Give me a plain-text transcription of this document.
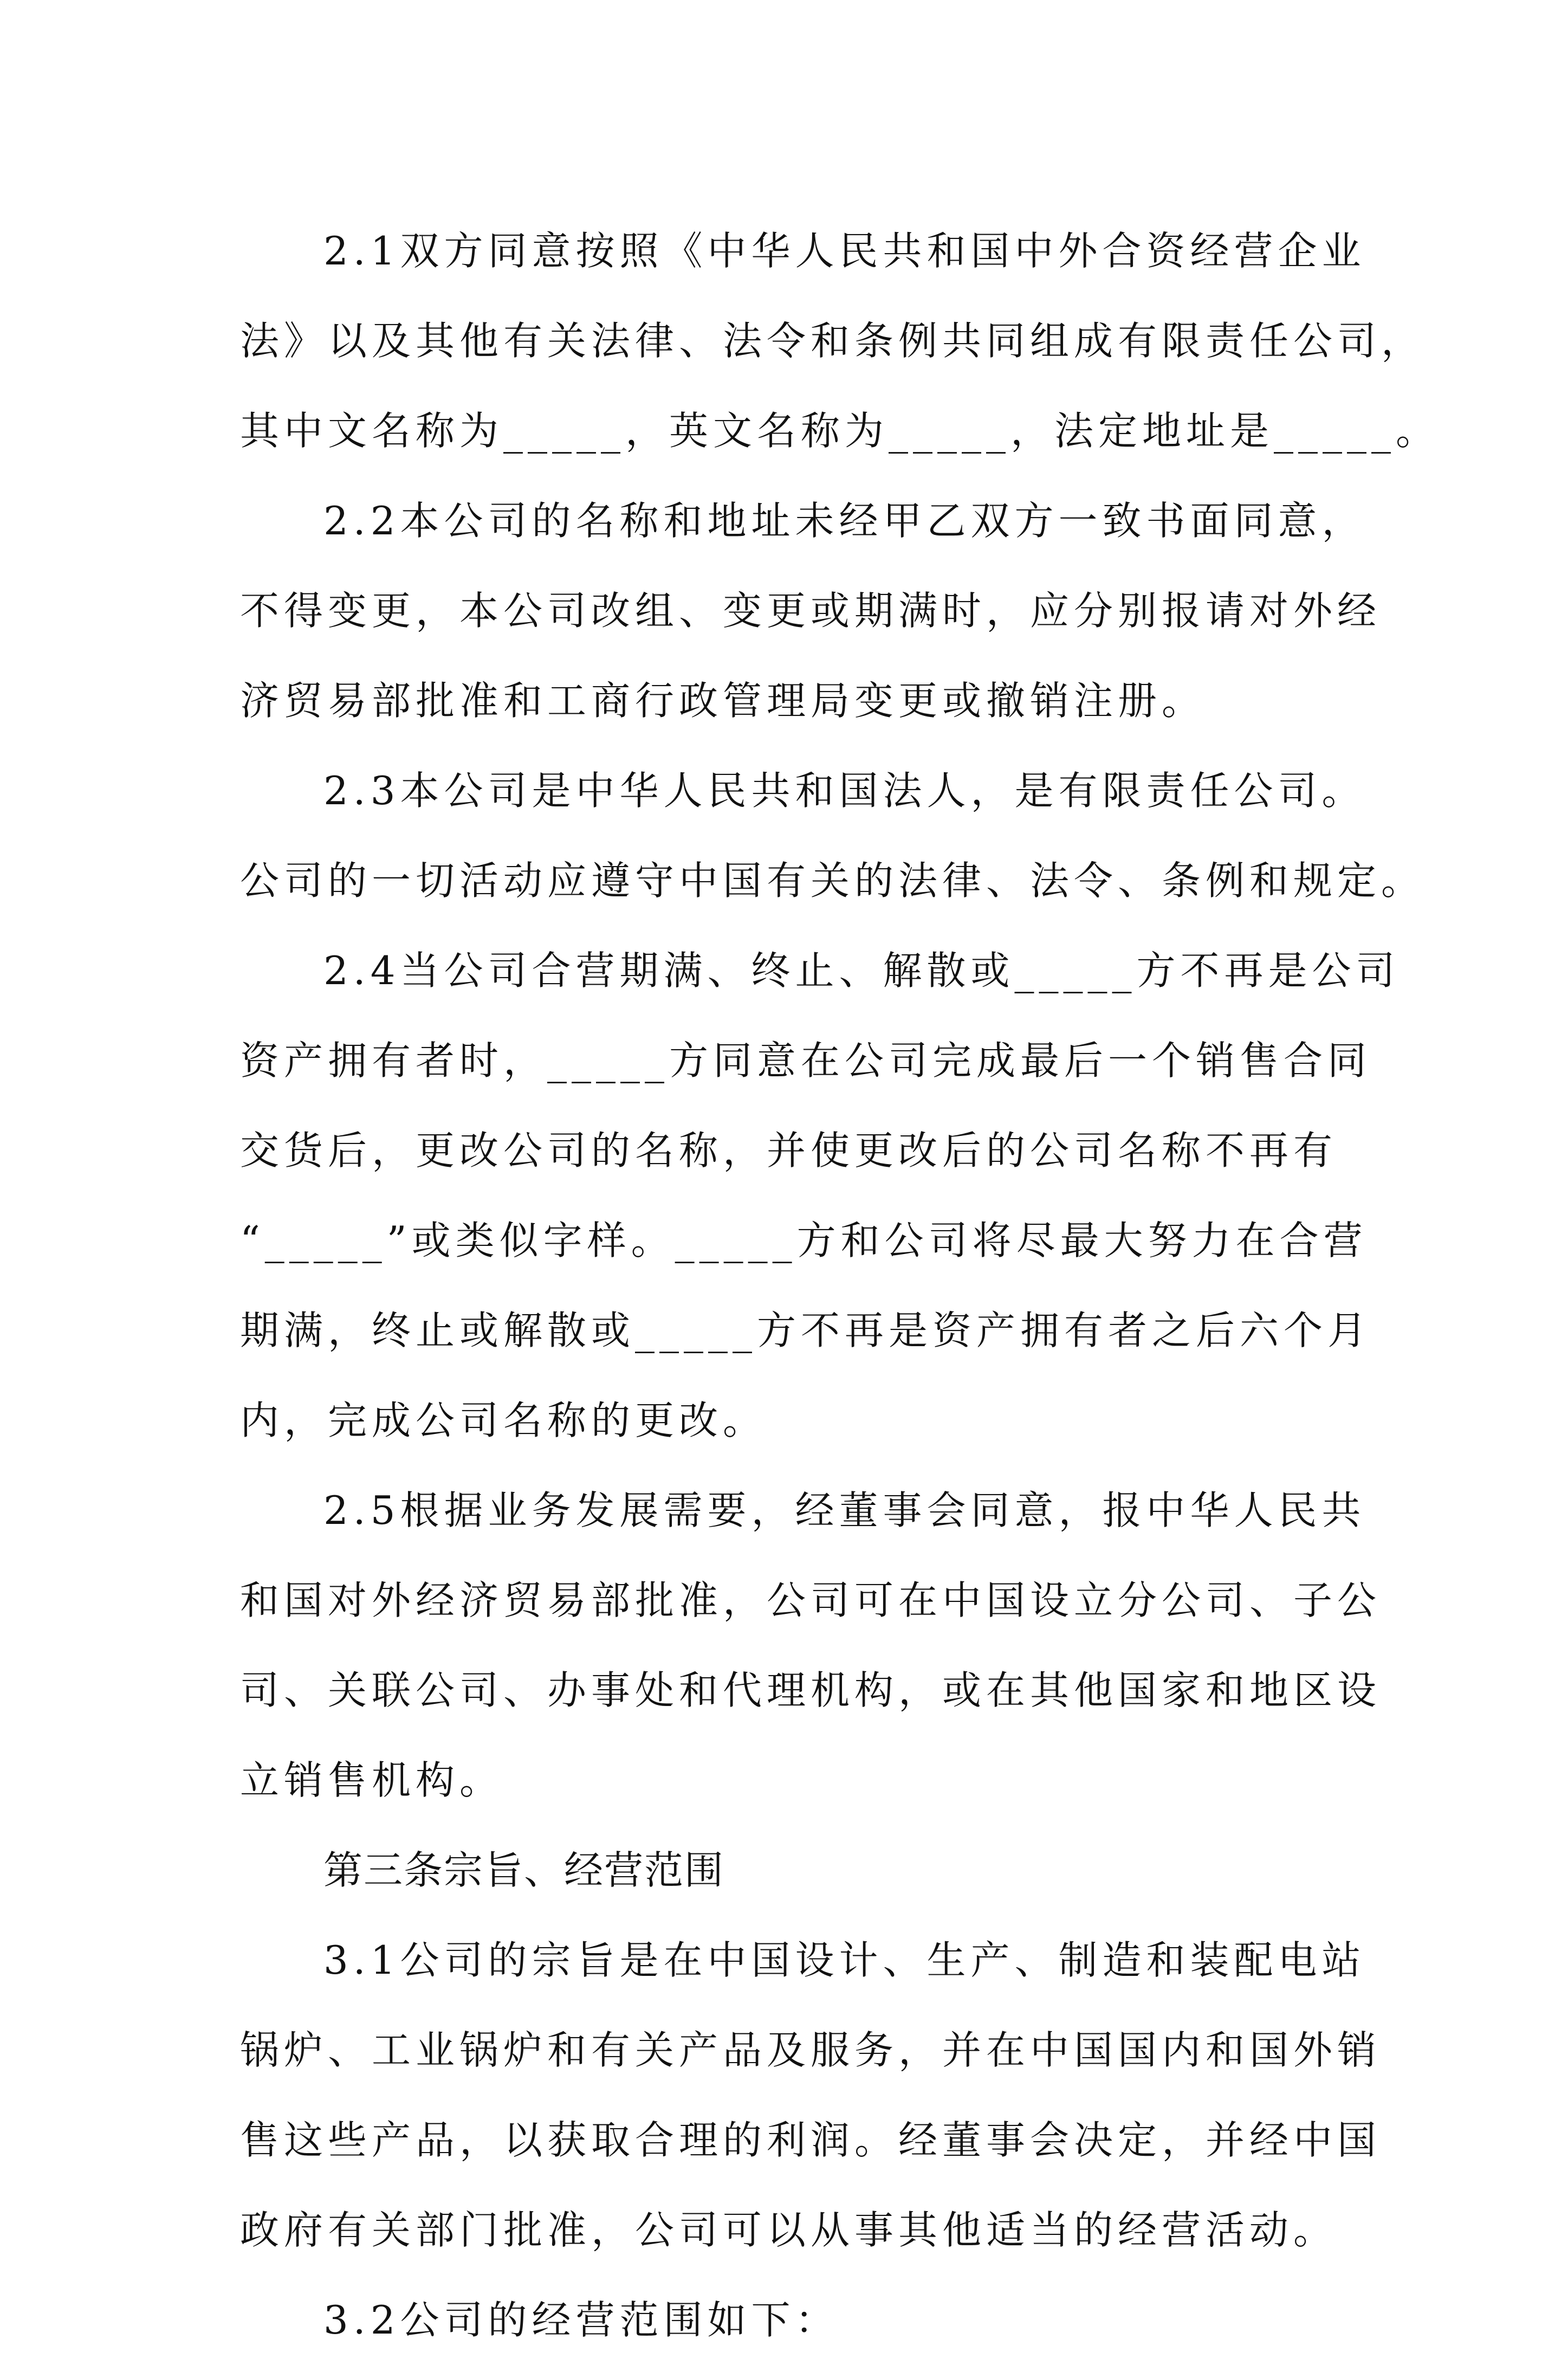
2.1双方同意按照《中华人民共和国中外合资经营企业
法》以及其他有关法律、法令和条例共同组成有限责任公司，
其中文名称为_____，英文名称为_____，法定地址是_____。
2.2本公司的名称和地址未经甲乙双方一致书面同意，
不得变更，本公司改组、变更或期满时，应分别报请对外经
济贸易部批准和工商行政管理局变更或撤销注册。
2.3本公司是中华人民共和国法人，是有限责任公司。
公司的一切活动应遵守中国有关的法律、法令、条例和规定。
2.4当公司合营期满、终止、解散或_____方不再是公司
资产拥有者时，_____方同意在公司完成最后一个销售合同
交货后，更改公司的名称，并使更改后的公司名称不再有
“_____”或类似字样。_____方和公司将尽最大努力在合营
期满，终止或解散或_____方不再是资产拥有者之后六个月
内，完成公司名称的更改。
2.5根据业务发展需要，经董事会同意，报中华人民共
和国对外经济贸易部批准，公司可在中国设立分公司、子公
司、关联公司、办事处和代理机构，或在其他国家和地区设
立销售机构。
第三条宗旨、经营范围
3.1公司的宗旨是在中国设计、生产、制造和装配电站
锅炉、工业锅炉和有关产品及服务，并在中国国内和国外销
售这些产品，以获取合理的利润。经董事会决定，并经中国
政府有关部门批准，公司可以从事其他适当的经营活动。
3.2公司的经营范围如下：
